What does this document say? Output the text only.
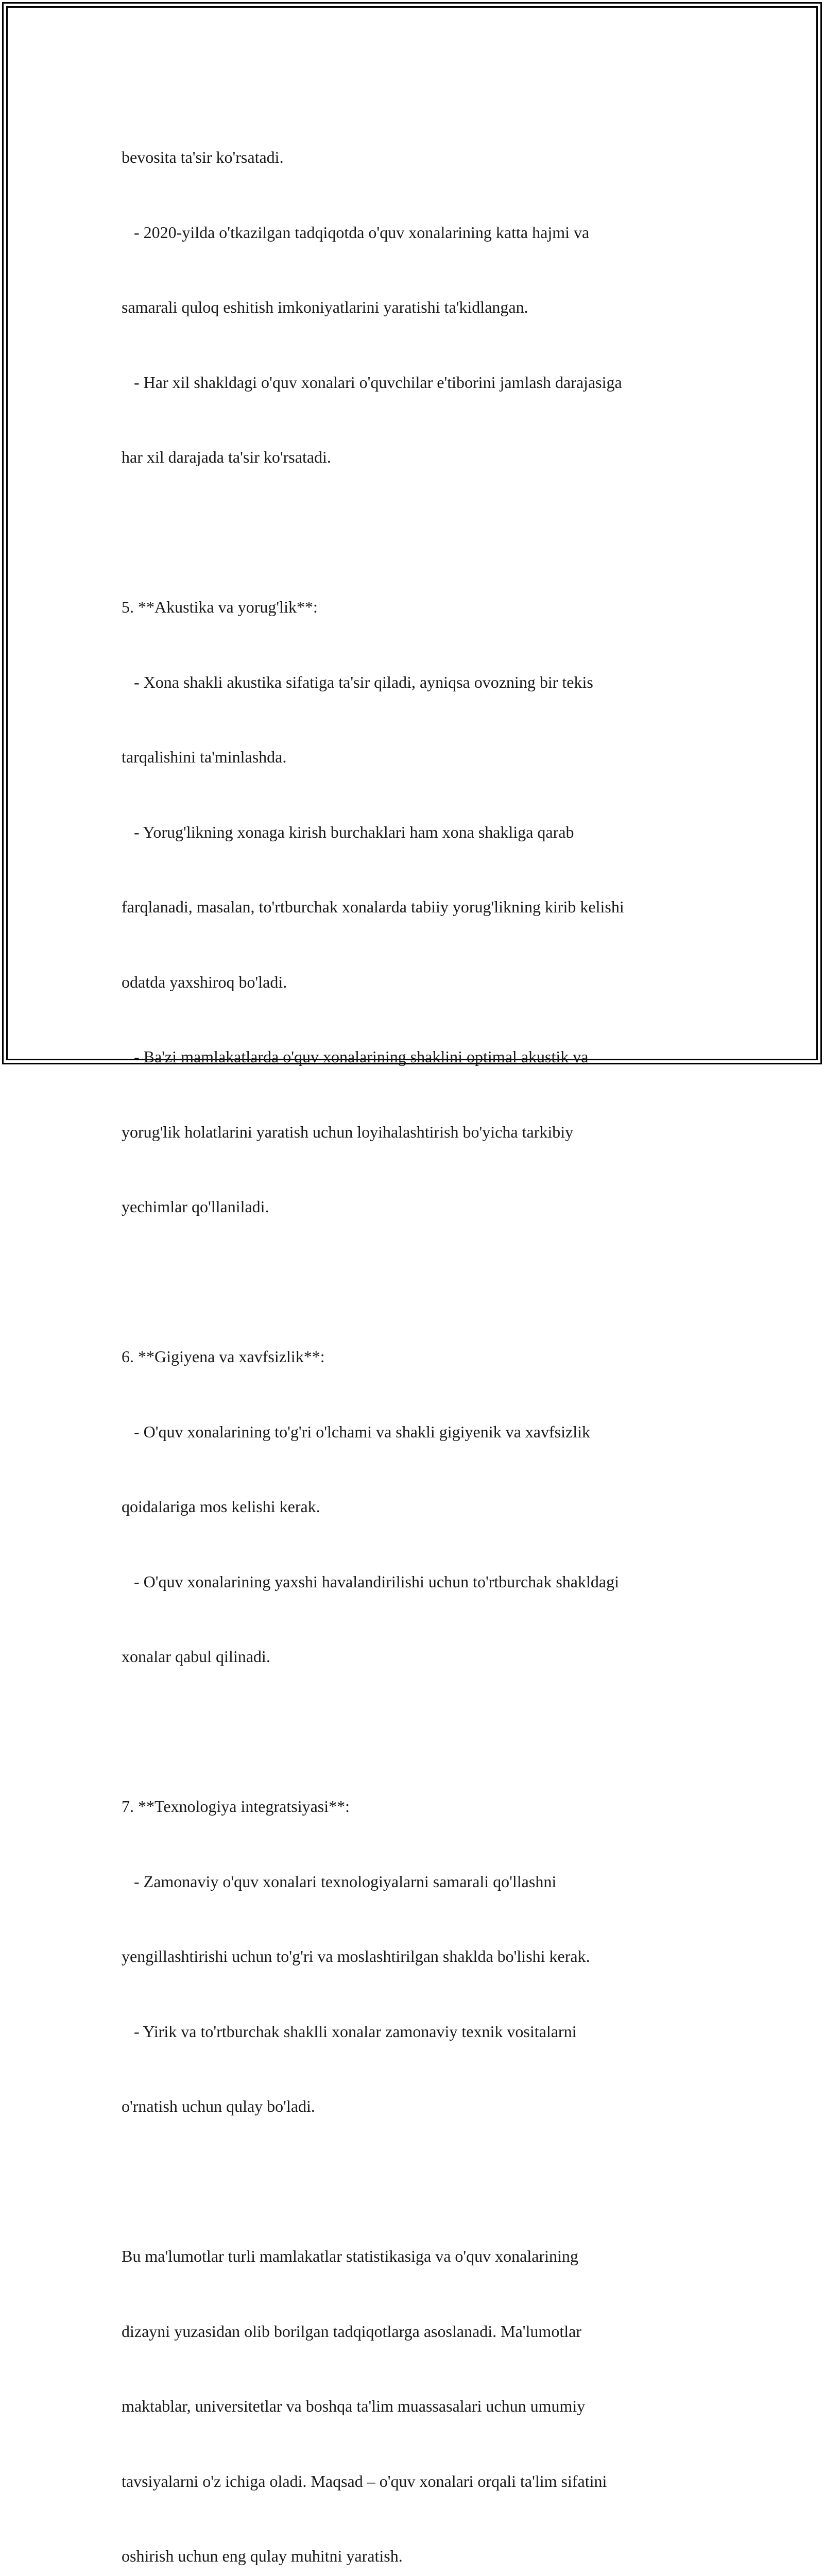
bevosita ta'sir ko'rsatadi.

- 2020-yilda o'tkazilgan tadqiqotda o'quv xonalarining katta hajmi va

samarali quloq eshitish imkoniyatlarini yaratishi ta'kidlangan.

- Har xil shakldagi o'quv xonalari o'quvchilar e'tiborini jamlash darajasiga

har xil darajada ta'sir ko'rsatadi.

5. **Akustika va yorug'lik**:

- Xona shakli akustika sifatiga ta'sir qiladi, ayniqsa ovozning bir tekis

tarqalishini ta'minlashda.

- Yorug'likning xonaga kirish burchaklari ham xona shakliga qarab

farqlanadi, masalan, to'rtburchak xonalarda tabiiy yorug'likning kirib kelishi

odatda yaxshiroq bo'ladi.

- Ba'zi mamlakatlarda o'quv xonalarining shaklini optimal akustik va

yorug'lik holatlarini yaratish uchun loyihalashtirish bo'yicha tarkibiy

yechimlar qo'llaniladi.

6. **Gigiyena va xavfsizlik**:

- O'quv xonalarining to'g'ri o'lchami va shakli gigiyenik va xavfsizlik

qoidalariga mos kelishi kerak.

- O'quv xonalarining yaxshi havalandirilishi uchun to'rtburchak shakldagi

xonalar qabul qilinadi.

7. **Texnologiya integratsiyasi**:

- Zamonaviy o'quv xonalari texnologiyalarni samarali qo'llashni

yengillashtirishi uchun to'g'ri va moslashtirilgan shaklda bo'lishi kerak.

- Yirik va to'rtburchak shaklli xonalar zamonaviy texnik vositalarni

o'rnatish uchun qulay bo'ladi.

Bu ma'lumotlar turli mamlakatlar statistikasiga va o'quv xonalarining

dizayni yuzasidan olib borilgan tadqiqotlarga asoslanadi. Ma'lumotlar

maktablar, universitetlar va boshqa ta'lim muassasalari uchun umumiy

tavsiyalarni o'z ichiga oladi. Maqsad – o'quv xonalari orqali ta'lim sifatini

oshirish uchun eng qulay muhitni yaratish.
